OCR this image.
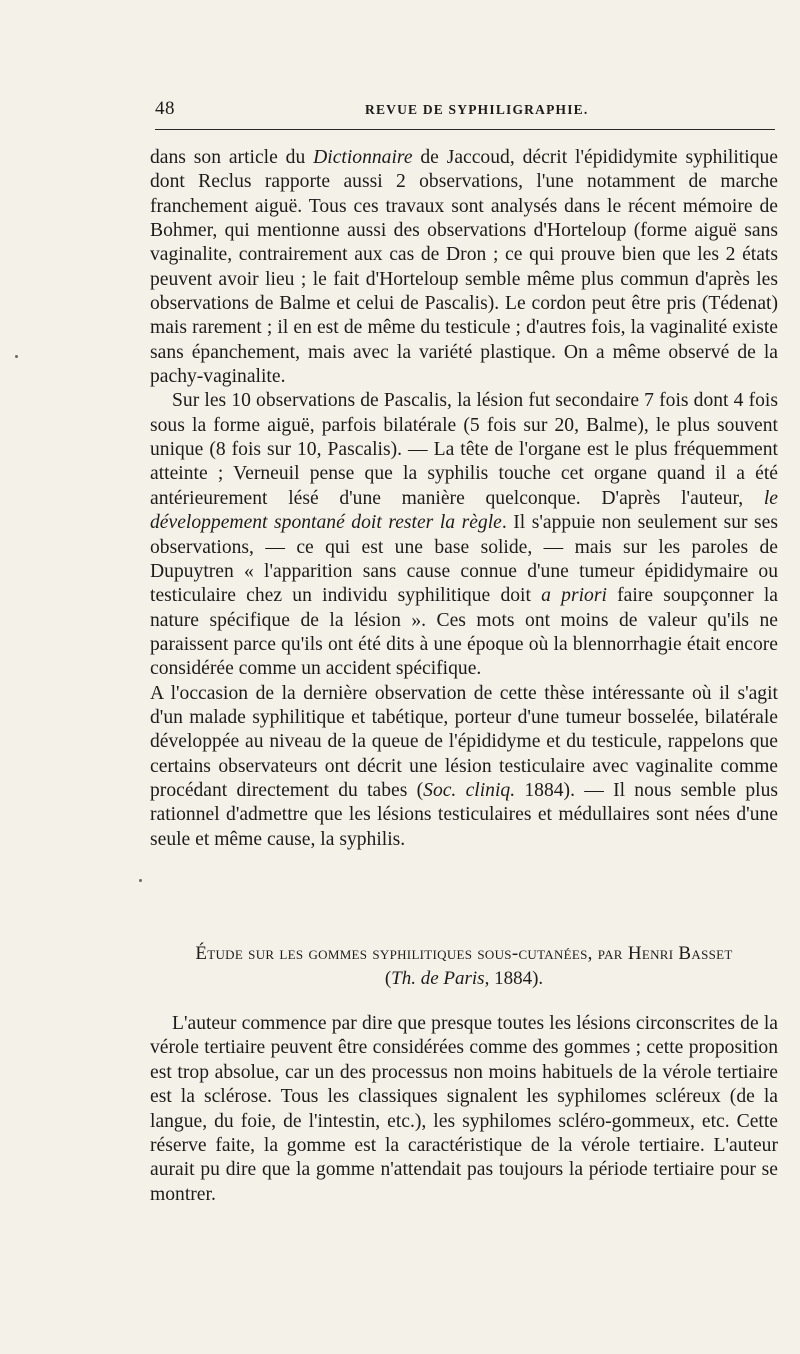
48	REVUE DE SYPHILIGRAPHIE.

dans son article du Dictionnaire de Jaccoud, décrit l'épididymite syphilitique dont Reclus rapporte aussi 2 observations, l'une notamment de marche franchement aiguë. Tous ces travaux sont analysés dans le récent mémoire de Bohmer, qui mentionne aussi des observations d'Horteloup (forme aiguë sans vaginalite, contrairement aux cas de Dron ; ce qui prouve bien que les 2 états peuvent avoir lieu ; le fait d'Horteloup semble même plus commun d'après les observations de Balme et celui de Pascalis). Le cordon peut être pris (Tédenat) mais rarement ; il en est de même du testicule ; d'autres fois, la vaginalité existe sans épanchement, mais avec la variété plastique. On a même observé de la pachy-vaginalite.

Sur les 10 observations de Pascalis, la lésion fut secondaire 7 fois dont 4 fois sous la forme aiguë, parfois bilatérale (5 fois sur 20, Balme), le plus souvent unique (8 fois sur 10, Pascalis). — La tête de l'organe est le plus fréquemment atteinte ; Verneuil pense que la syphilis touche cet organe quand il a été antérieurement lésé d'une manière quelconque. D'après l'auteur, le développement spontané doit rester la règle. Il s'appuie non seulement sur ses observations, — ce qui est une base solide, — mais sur les paroles de Dupuytren « l'apparition sans cause connue d'une tumeur épididymaire ou testiculaire chez un individu syphilitique doit a priori faire soupçonner la nature spécifique de la lésion ». Ces mots ont moins de valeur qu'ils ne paraissent parce qu'ils ont été dits à une époque où la blennorrhagie était encore considérée comme un accident spécifique.

A l'occasion de la dernière observation de cette thèse intéressante où il s'agit d'un malade syphilitique et tabétique, porteur d'une tumeur bosselée, bilatérale développée au niveau de la queue de l'épididyme et du testicule, rappelons que certains observateurs ont décrit une lésion testiculaire avec vaginalite comme procédant directement du tabes (Soc. cliniq. 1884). — Il nous semble plus rationnel d'admettre que les lésions testiculaires et médullaires sont nées d'une seule et même cause, la syphilis.

Étude sur les gommes syphilitiques sous-cutanées, par Henri Basset
(Th. de Paris, 1884).

L'auteur commence par dire que presque toutes les lésions circonscrites de la vérole tertiaire peuvent être considérées comme des gommes ; cette proposition est trop absolue, car un des processus non moins habituels de la vérole tertiaire est la sclérose. Tous les classiques signalent les syphilomes scléreux (de la langue, du foie, de l'intestin, etc.), les syphilomes scléro-gommeux, etc. Cette réserve faite, la gomme est la caractéristique de la vérole tertiaire. L'auteur aurait pu dire que la gomme n'attendait pas toujours la période tertiaire pour se montrer.
